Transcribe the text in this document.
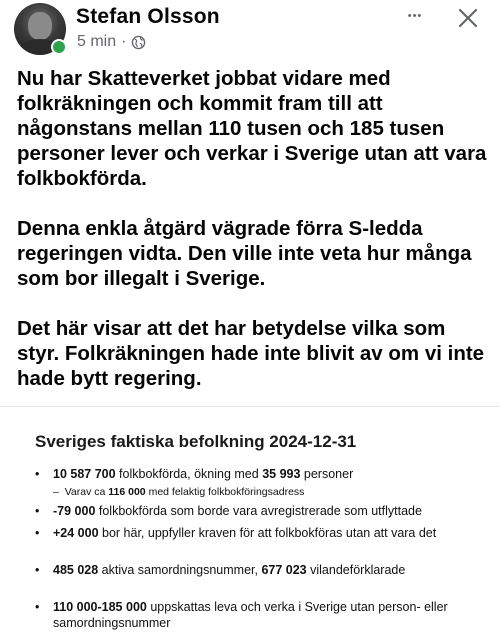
Stefan Olsson
5 min ·
•••

Nu har Skatteverket jobbat vidare med folkräkningen och kommit fram till att någonstans mellan 110 tusen och 185 tusen personer lever och verkar i Sverige utan att vara folkbokförda.

Denna enkla åtgärd vägrade förra S-ledda regeringen vidta. Den ville inte veta hur många som bor illegalt i Sverige.

Det här visar att det har betydelse vilka som styr. Folkräkningen hade inte blivit av om vi inte hade bytt regering.

Sveriges faktiska befolkning 2024-12-31
• 10 587 700 folkbokförda, ökning med 35 993 personer
– Varav ca 116 000 med felaktig folkbokföringsadress
• -79 000 folkbokförda som borde vara avregistrerade som utflyttade
• +24 000 bor här, uppfyller kraven för att folkbokföras utan att vara det
• 485 028 aktiva samordningsnummer, 677 023 vilandeförklarade
• 110 000-185 000 uppskattas leva och verka i Sverige utan person- eller
samordningsnummer
